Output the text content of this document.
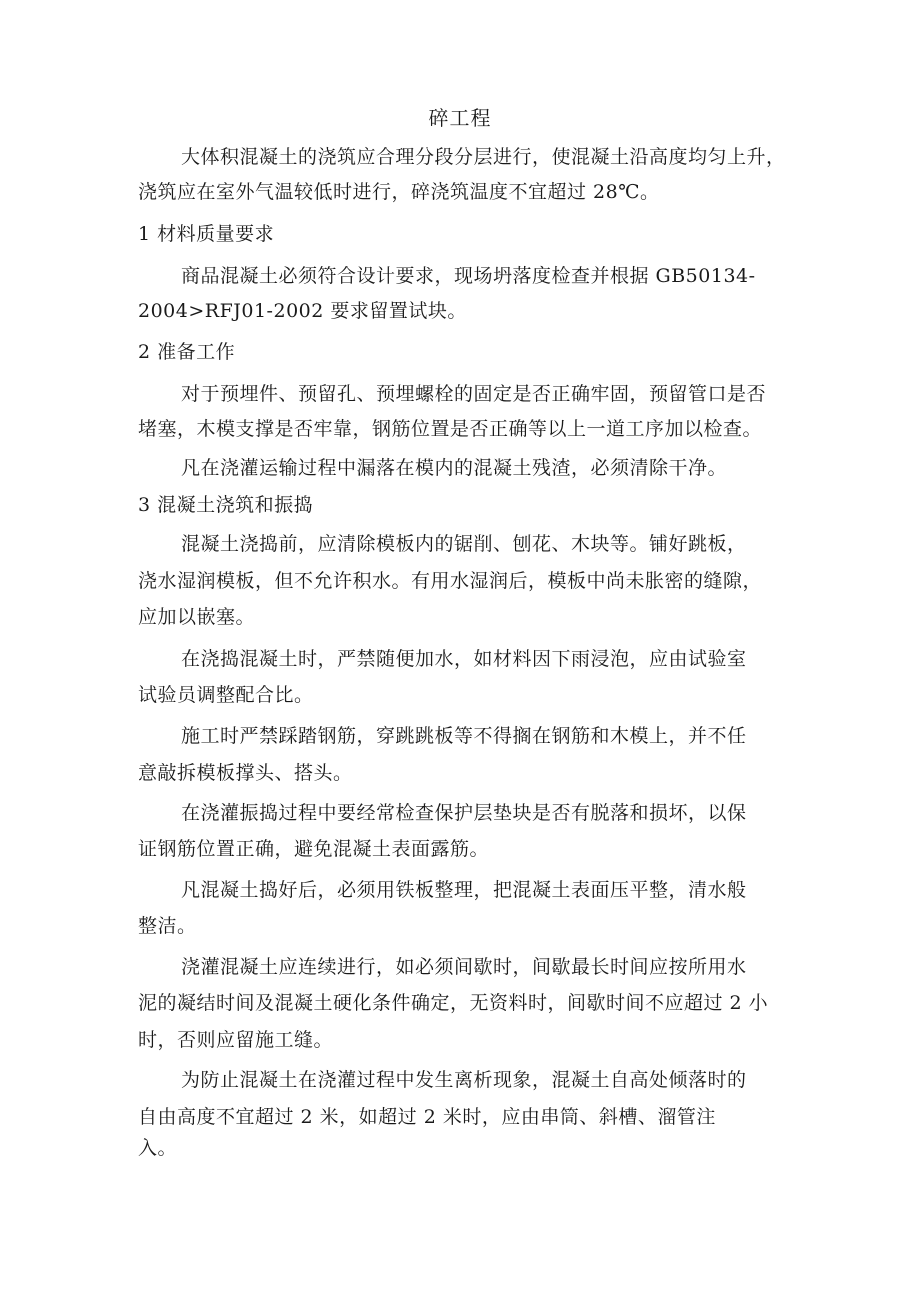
碎工程
大体积混凝土的浇筑应合理分段分层进行，使混凝土沿高度均匀上升，
浇筑应在室外气温较低时进行，碎浇筑温度不宜超过 28℃。
1 材料质量要求
商品混凝土必须符合设计要求，现场坍落度检查并根据 GB50134-
2004>RFJ01-2002 要求留置试块。
2 准备工作
对于预埋件、预留孔、预埋螺栓的固定是否正确牢固，预留管口是否
堵塞，木模支撑是否牢靠，钢筋位置是否正确等以上一道工序加以检查。
凡在浇灌运输过程中漏落在模内的混凝土残渣，必须清除干净。
3 混凝土浇筑和振捣
混凝土浇捣前，应清除模板内的锯削、刨花、木块等。铺好跳板，
浇水湿润模板，但不允许积水。有用水湿润后，模板中尚未胀密的缝隙，
应加以嵌塞。
在浇捣混凝土时，严禁随便加水，如材料因下雨浸泡，应由试验室
试验员调整配合比。
施工时严禁踩踏钢筋，穿跳跳板等不得搁在钢筋和木模上，并不任
意敲拆模板撑头、搭头。
在浇灌振捣过程中要经常检查保护层垫块是否有脱落和损坏，以保
证钢筋位置正确，避免混凝土表面露筋。
凡混凝土捣好后，必须用铁板整理，把混凝土表面压平整，清水般
整洁。
浇灌混凝土应连续进行，如必须间歇时，间歇最长时间应按所用水
泥的凝结时间及混凝土硬化条件确定，无资料时，间歇时间不应超过 2 小
时，否则应留施工缝。
为防止混凝土在浇灌过程中发生离析现象，混凝土自高处倾落时的
自由高度不宜超过 2 米，如超过 2 米时，应由串筒、斜槽、溜管注
入。
